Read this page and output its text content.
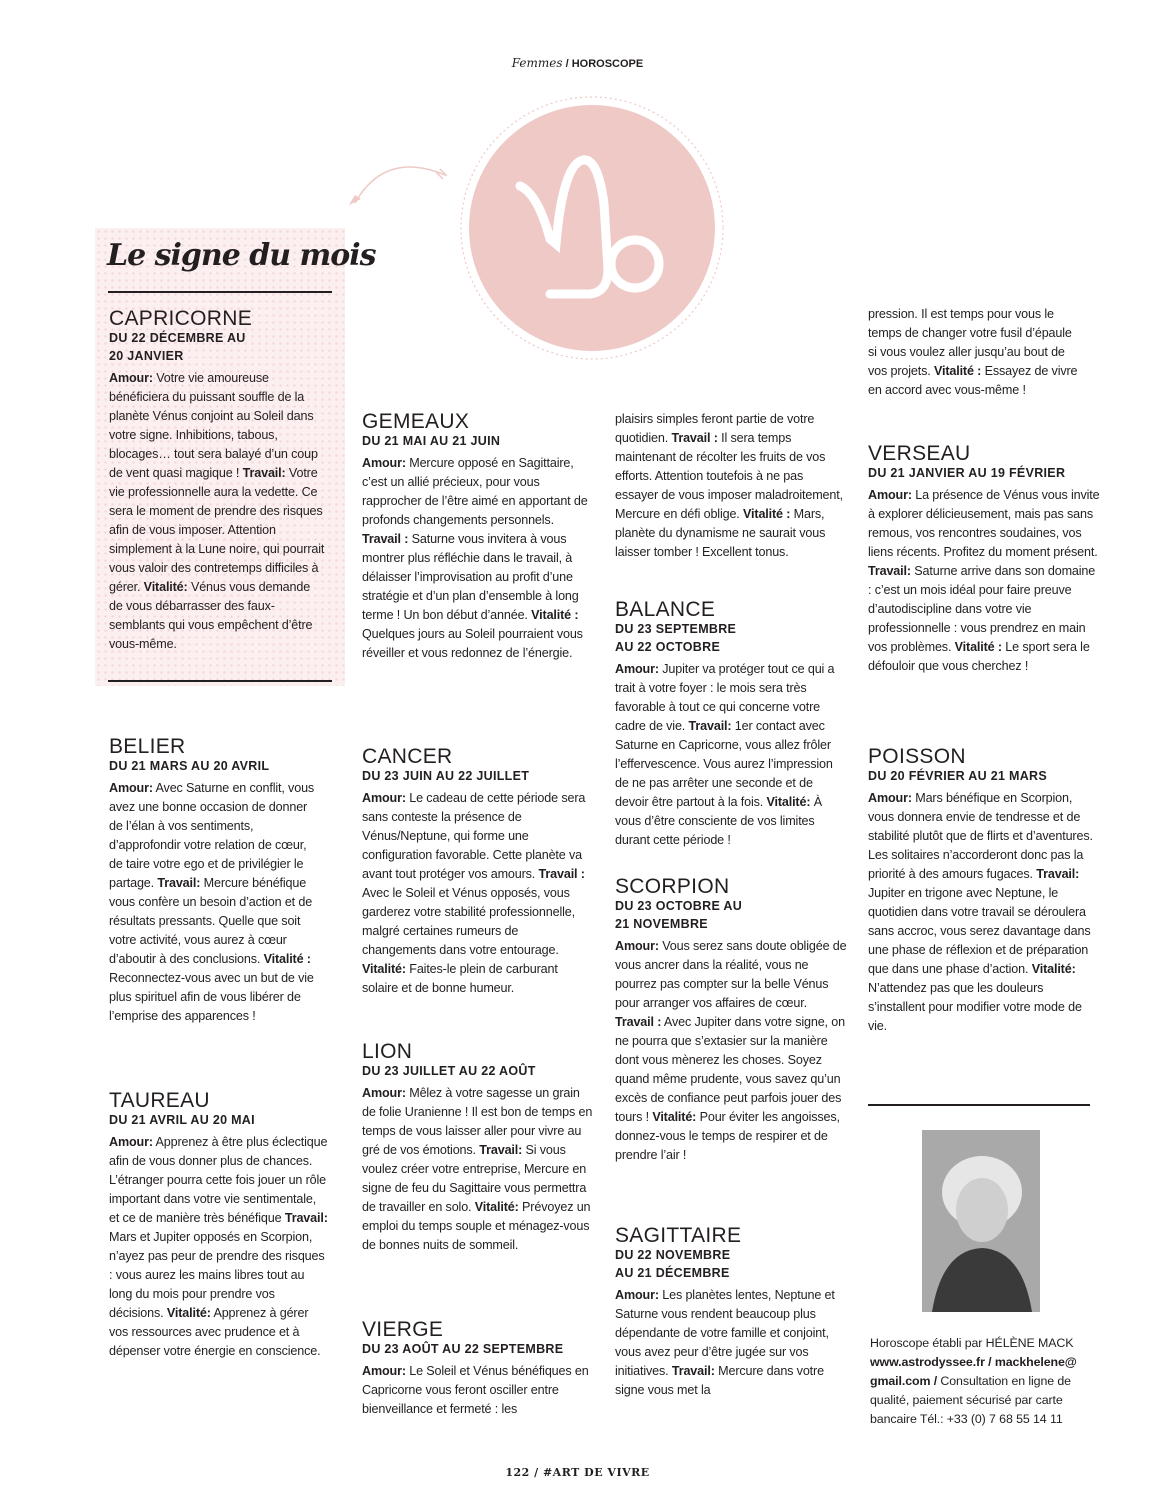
Femmes / HOROSCOPE
Le signe du mois
CAPRICORNE
DU 22 DÉCEMBRE AU 20 JANVIER
Amour: Votre vie amoureuse bénéficiera du puissant souffle de la planète Vénus conjoint au Soleil dans votre signe. Inhibitions, tabous, blocages… tout sera balayé d’un coup de vent quasi magique ! Travail: Votre vie professionnelle aura la vedette. Ce sera le moment de prendre des risques afin de vous imposer. Attention simplement à la Lune noire, qui pourrait vous valoir des contretemps difficiles à gérer. Vitalité: Vénus vous demande de vous débarrasser des faux-semblants qui vous empêchent d’être vous-même.
BELIER
DU 21 MARS AU 20 AVRIL
Amour: Avec Saturne en conflit, vous avez une bonne occasion de donner de l’élan à vos sentiments, d’approfondir votre relation de cœur, de taire votre ego et de privilégier le partage. Travail: Mercure bénéfique vous confère un besoin d’action et de résultats pressants. Quelle que soit votre activité, vous aurez à cœur d’aboutir à des conclusions. Vitalité : Reconnectez-vous avec un but de vie plus spirituel afin de vous libérer de l’emprise des apparences !
TAUREAU
DU 21 AVRIL AU 20 MAI
Amour: Apprenez à être plus éclectique afin de vous donner plus de chances. L’étranger pourra cette fois jouer un rôle important dans votre vie sentimentale, et ce de manière très bénéfique Travail: Mars et Jupiter opposés en Scorpion, n’ayez pas peur de prendre des risques : vous aurez les mains libres tout au long du mois pour prendre vos décisions. Vitalité: Apprenez à gérer vos ressources avec prudence et à dépenser votre énergie en conscience.
GEMEAUX
DU 21 MAI AU 21 JUIN
Amour: Mercure opposé en Sagittaire, c’est un allié précieux, pour vous rapprocher de l’être aimé en apportant de profonds changements personnels. Travail : Saturne vous invitera à vous montrer plus réfléchie dans le travail, à délaisser l’improvisation au profit d’une stratégie et d’un plan d’ensemble à long terme ! Un bon début d’année. Vitalité : Quelques jours au Soleil pourraient vous réveiller et vous redonnez de l’énergie.
CANCER
DU 23 JUIN AU 22 JUILLET
Amour: Le cadeau de cette période sera sans conteste la présence de Vénus/Neptune, qui forme une configuration favorable. Cette planète va avant tout protéger vos amours. Travail : Avec le Soleil et Vénus opposés, vous garderez votre stabilité professionnelle, malgré certaines rumeurs de changements dans votre entourage. Vitalité: Faites-le plein de carburant solaire et de bonne humeur.
LION
DU 23 JUILLET AU 22 AOÛT
Amour: Mêlez à votre sagesse un grain de folie Uranienne ! Il est bon de temps en temps de vous laisser aller pour vivre au gré de vos émotions. Travail: Si vous voulez créer votre entreprise, Mercure en signe de feu du Sagittaire vous permettra de travailler en solo. Vitalité: Prévoyez un emploi du temps souple et ménagez-vous de bonnes nuits de sommeil.
VIERGE
DU 23 AOÛT AU 22 SEPTEMBRE
Amour: Le Soleil et Vénus bénéfiques en Capricorne vous feront osciller entre bienveillance et fermeté : les
plaisirs simples feront partie de votre quotidien. Travail : Il sera temps maintenant de récolter les fruits de vos efforts. Attention toutefois à ne pas essayer de vous imposer maladroitement, Mercure en défi oblige. Vitalité : Mars, planète du dynamisme ne saurait vous laisser tomber ! Excellent tonus.
BALANCE
DU 23 SEPTEMBRE AU 22 OCTOBRE
Amour: Jupiter va protéger tout ce qui a trait à votre foyer : le mois sera très favorable à tout ce qui concerne votre cadre de vie. Travail: 1er contact avec Saturne en Capricorne, vous allez frôler l’effervescence. Vous aurez l’impression de ne pas arrêter une seconde et de devoir être partout à la fois. Vitalité: À vous d’être consciente de vos limites durant cette période !
SCORPION
DU 23 OCTOBRE AU 21 NOVEMBRE
Amour: Vous serez sans doute obligée de vous ancrer dans la réalité, vous ne pourrez pas compter sur la belle Vénus pour arranger vos affaires de cœur. Travail : Avec Jupiter dans votre signe, on ne pourra que s’extasier sur la manière dont vous mènerez les choses. Soyez quand même prudente, vous savez qu’un excès de confiance peut parfois jouer des tours ! Vitalité: Pour éviter les angoisses, donnez-vous le temps de respirer et de prendre l’air !
SAGITTAIRE
DU 22 NOVEMBRE AU 21 DÉCEMBRE
Amour: Les planètes lentes, Neptune et Saturne vous rendent beaucoup plus dépendante de votre famille et conjoint, vous avez peur d’être jugée sur vos initiatives. Travail: Mercure dans votre signe vous met la
pression. Il est temps pour vous le temps de changer votre fusil d’épaule si vous voulez aller jusqu’au bout de vos projets. Vitalité : Essayez de vivre en accord avec vous-même !
VERSEAU
DU 21 JANVIER AU 19 FÉVRIER
Amour: La présence de Vénus vous invite à explorer délicieusement, mais pas sans remous, vos rencontres soudaines, vos liens récents. Profitez du moment présent. Travail: Saturne arrive dans son domaine : c’est un mois idéal pour faire preuve d’autodiscipline dans votre vie professionnelle : vous prendrez en main vos problèmes. Vitalité : Le sport sera le défouloir que vous cherchez !
POISSON
DU 20 FÉVRIER AU 21 MARS
Amour: Mars bénéfique en Scorpion, vous donnera envie de tendresse et de stabilité plutôt que de flirts et d’aventures. Les solitaires n’accorderont donc pas la priorité à des amours fugaces. Travail: Jupiter en trigone avec Neptune, le quotidien dans votre travail se déroulera sans accroc, vous serez davantage dans une phase de réflexion et de préparation que dans une phase d’action. Vitalité: N’attendez pas que les douleurs s’installent pour modifier votre mode de vie.
Horoscope établi par HÉLÈNE MACK www.astrodyssee.fr / mackhelene@ gmail.com / Consultation en ligne de qualité, paiement sécurisé par carte bancaire Tél.: +33 (0) 7 68 55 14 11
122 / #ART DE VIVRE
